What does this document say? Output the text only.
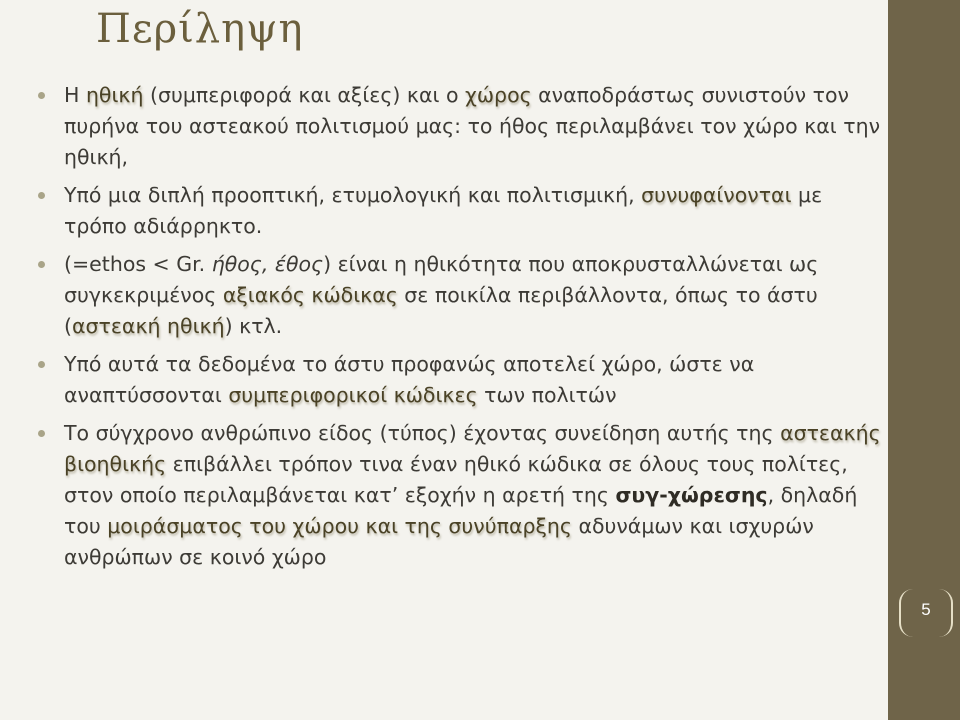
Περίληψη
Η ηθική (συμπεριφορά και αξίες) και ο χώρος αναποδράστως συνιστούν τον πυρήνα του αστεακού πολιτισμού μας: το ήθος περιλαμβάνει τον χώρο και την ηθική,
Υπό μια διπλή προοπτική, ετυμολογική και πολιτισμική, συνυφαίνονται με τρόπο αδιάρρηκτο.
(=ethos < Gr. ήθος, έθος) είναι η ηθικότητα που αποκρυσταλλώνεται ως συγκεκριμένος αξιακός κώδικας σε ποικίλα περιβάλλοντα, όπως το άστυ (αστεακή ηθική) κτλ.
Υπό αυτά τα δεδομένα το άστυ προφανώς αποτελεί χώρο, ώστε να αναπτύσσονται συμπεριφορικοί κώδικες των πολιτών
Το σύγχρονο ανθρώπινο είδος (τύπος) έχοντας συνείδηση αυτής της αστεακής βιοηθικής επιβάλλει τρόπον τινα έναν ηθικό κώδικα σε όλους τους πολίτες, στον οποίο περιλαμβάνεται κατ’ εξοχήν η αρετή της συγ-χώρεσης, δηλαδή του μοιράσματος του χώρου και της συνύπαρξης αδυνάμων και ισχυρών ανθρώπων σε κοινό χώρο
5
